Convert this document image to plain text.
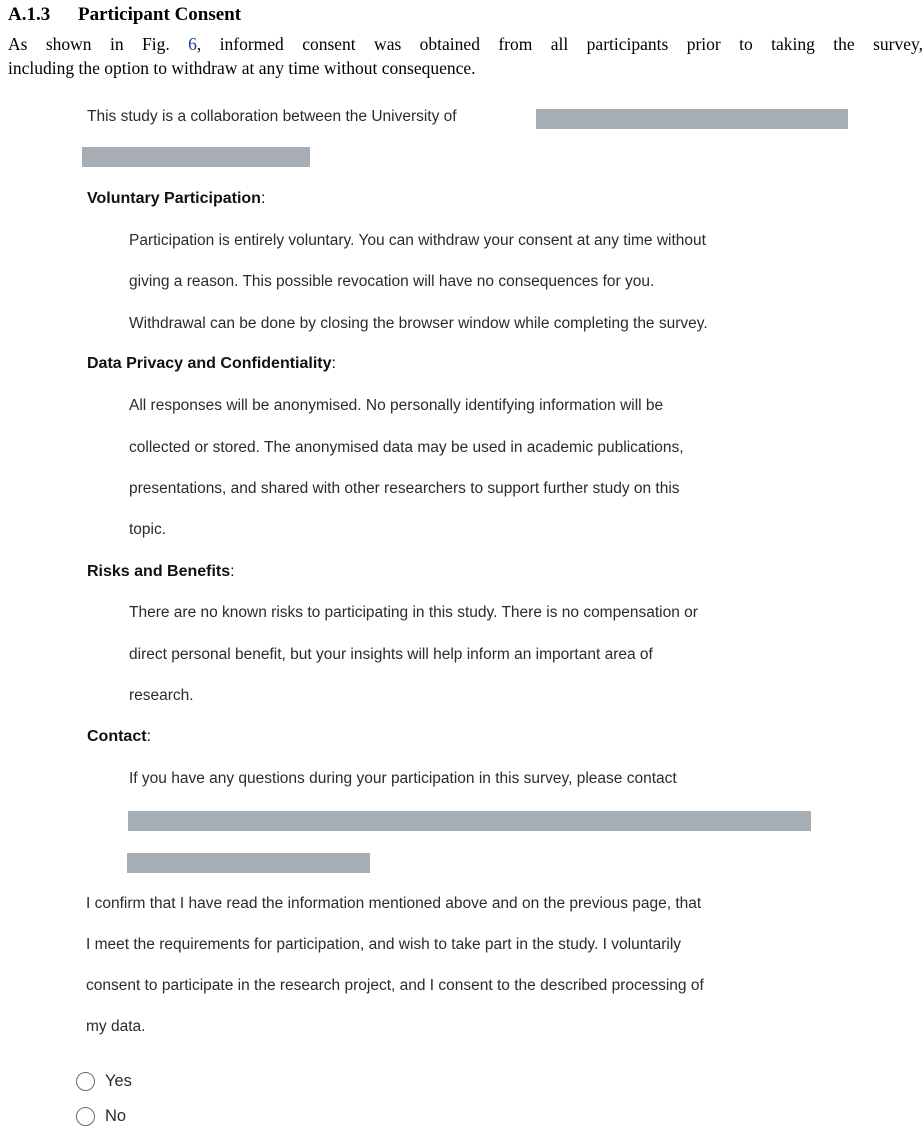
A.1.3 Participant Consent
As shown in Fig. 6, informed consent was obtained from all participants prior to taking the survey,
including the option to withdraw at any time without consequence.
This study is a collaboration between the University of
Voluntary Participation:
Participation is entirely voluntary. You can withdraw your consent at any time without
giving a reason. This possible revocation will have no consequences for you.
Withdrawal can be done by closing the browser window while completing the survey.
Data Privacy and Confidentiality:
All responses will be anonymised. No personally identifying information will be
collected or stored. The anonymised data may be used in academic publications,
presentations, and shared with other researchers to support further study on this
topic.
Risks and Benefits:
There are no known risks to participating in this study. There is no compensation or
direct personal benefit, but your insights will help inform an important area of
research.
Contact:
If you have any questions during your participation in this survey, please contact
I confirm that I have read the information mentioned above and on the previous page, that
I meet the requirements for participation, and wish to take part in the study. I voluntarily
consent to participate in the research project, and I consent to the described processing of
my data.
Yes
No
